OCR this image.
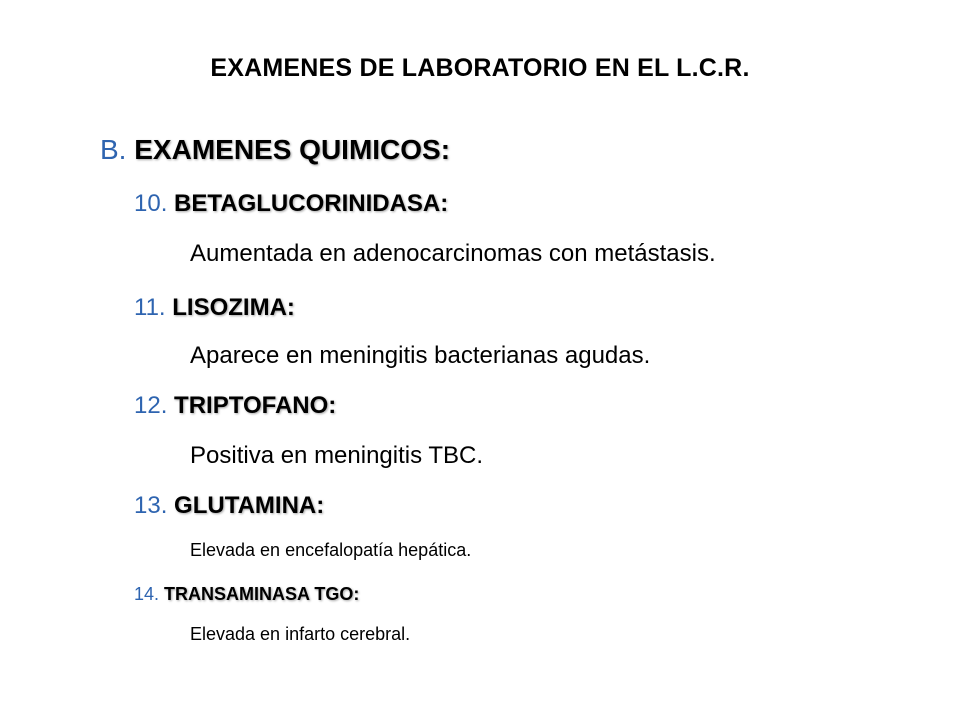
EXAMENES DE LABORATORIO EN EL L.C.R.
B. EXAMENES QUIMICOS:
10. BETAGLUCORINIDASA:
Aumentada en adenocarcinomas con metástasis.
11. LISOZIMA:
Aparece en meningitis bacterianas agudas.
12. TRIPTOFANO:
Positiva en meningitis TBC.
13. GLUTAMINA:
Elevada en encefalopatía hepática.
14. TRANSAMINASA TGO:
Elevada en infarto cerebral.
